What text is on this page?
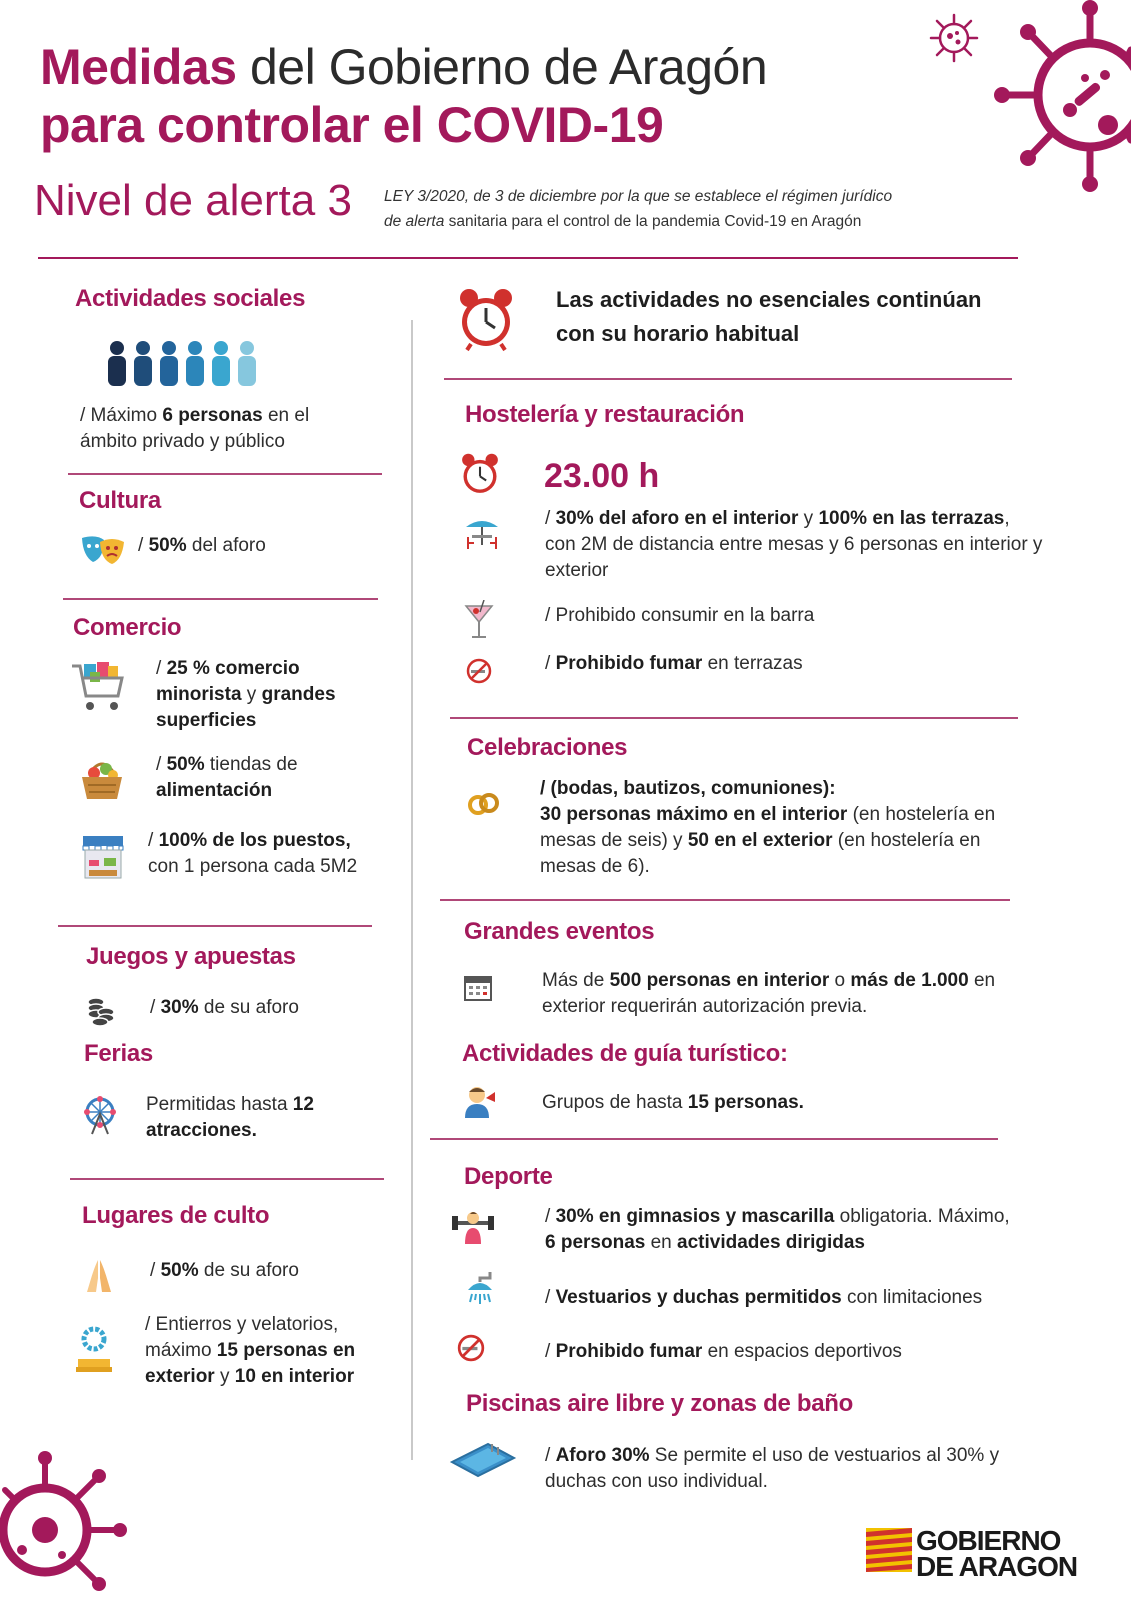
Medidas del Gobierno de Aragón
para controlar el COVID-19
Nivel de alerta 3 LEY 3/2020, de 3 de diciembre por la que se establece el régimen jurídico
de alerta sanitaria para el control de la pandemia Covid-19 en Aragón
Actividades sociales
/ Máximo 6 personas en el ámbito privado y público
Cultura
/ 50% del aforo
Comercio
/ 25 % comercio minorista y grandes superficies
/ 50% tiendas de alimentación
/ 100% de los puestos, con 1 persona cada 5M2
Juegos y apuestas
/ 30% de su aforo
Ferias
Permitidas hasta 12 atracciones.
Lugares de culto
/ 50% de su aforo
/ Entierros y velatorios, máximo 15 personas en exterior y 10 en interior
Las actividades no esenciales continúan con su horario habitual
Hostelería y restauración
23.00 h
/ 30% del aforo en el interior y 100% en las terrazas, con 2M de distancia entre mesas y 6 personas en interior y exterior
/ Prohibido consumir en la barra
/ Prohibido fumar en terrazas
Celebraciones
/ (bodas, bautizos, comuniones):
30 personas máximo en el interior (en hostelería en mesas de seis) y 50 en el exterior (en hostelería en mesas de 6).
Grandes eventos
Más de 500 personas en interior o más de 1.000 en exterior requerirán autorización previa.
Actividades de guía turístico:
Grupos de hasta 15 personas.
Deporte
/ 30% en gimnasios y mascarilla obligatoria. Máximo, 6 personas en actividades dirigidas
/ Vestuarios y duchas permitidos con limitaciones
/ Prohibido fumar en espacios deportivos
Piscinas aire libre y zonas de baño
/ Aforo 30% Se permite el uso de vestuarios al 30% y duchas con uso individual.
GOBIERNO
DE ARAGON
